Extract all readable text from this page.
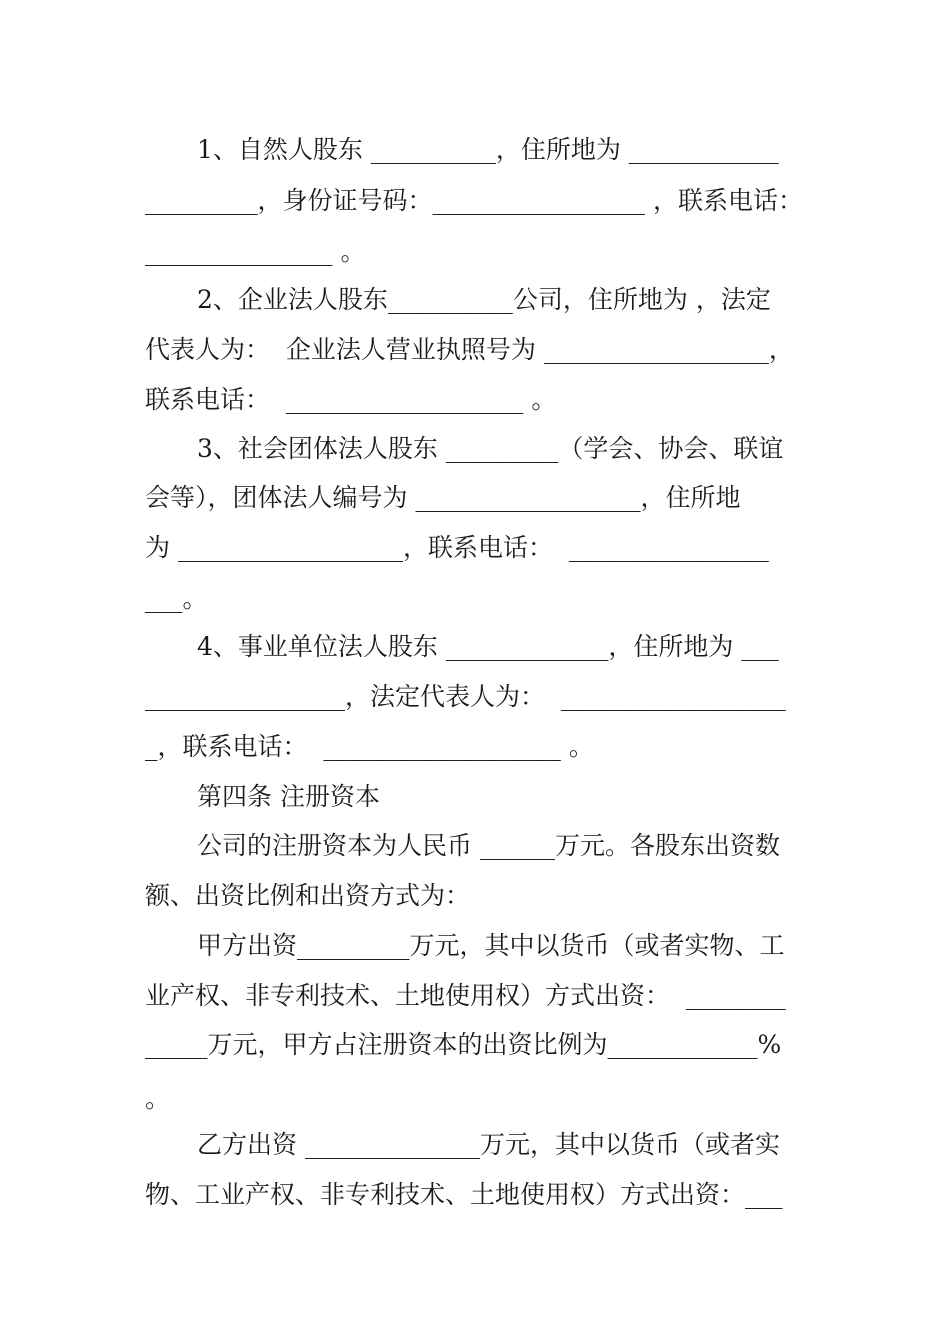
1、自然人股东 __________，住所地为 ____________
_________，身份证号码：_________________ ，联系电话：
_______________ 。
2、企业法人股东__________公司，住所地为 ，法定
代表人为：  企业法人营业执照号为 __________________，
联系电话：  ___________________ 。
3、社会团体法人股东 _________（学会、协会、联谊
会等），团体法人编号为 __________________，住所地
为 __________________，联系电话：  ________________
___。
4、事业单位法人股东 _____________，住所地为 ___
________________，法定代表人为：  __________________
_，联系电话：  ___________________ 。
第四条 注册资本
公司的注册资本为人民币 ______万元。各股东出资数
额、出资比例和出资方式为：
甲方出资_________万元，其中以货币（或者实物、工
业产权、非专利技术、土地使用权）方式出资：  ________
_____万元，甲方占注册资本的出资比例为____________%
。
乙方出资 ______________万元，其中以货币（或者实
物、工业产权、非专利技术、土地使用权）方式出资：___
